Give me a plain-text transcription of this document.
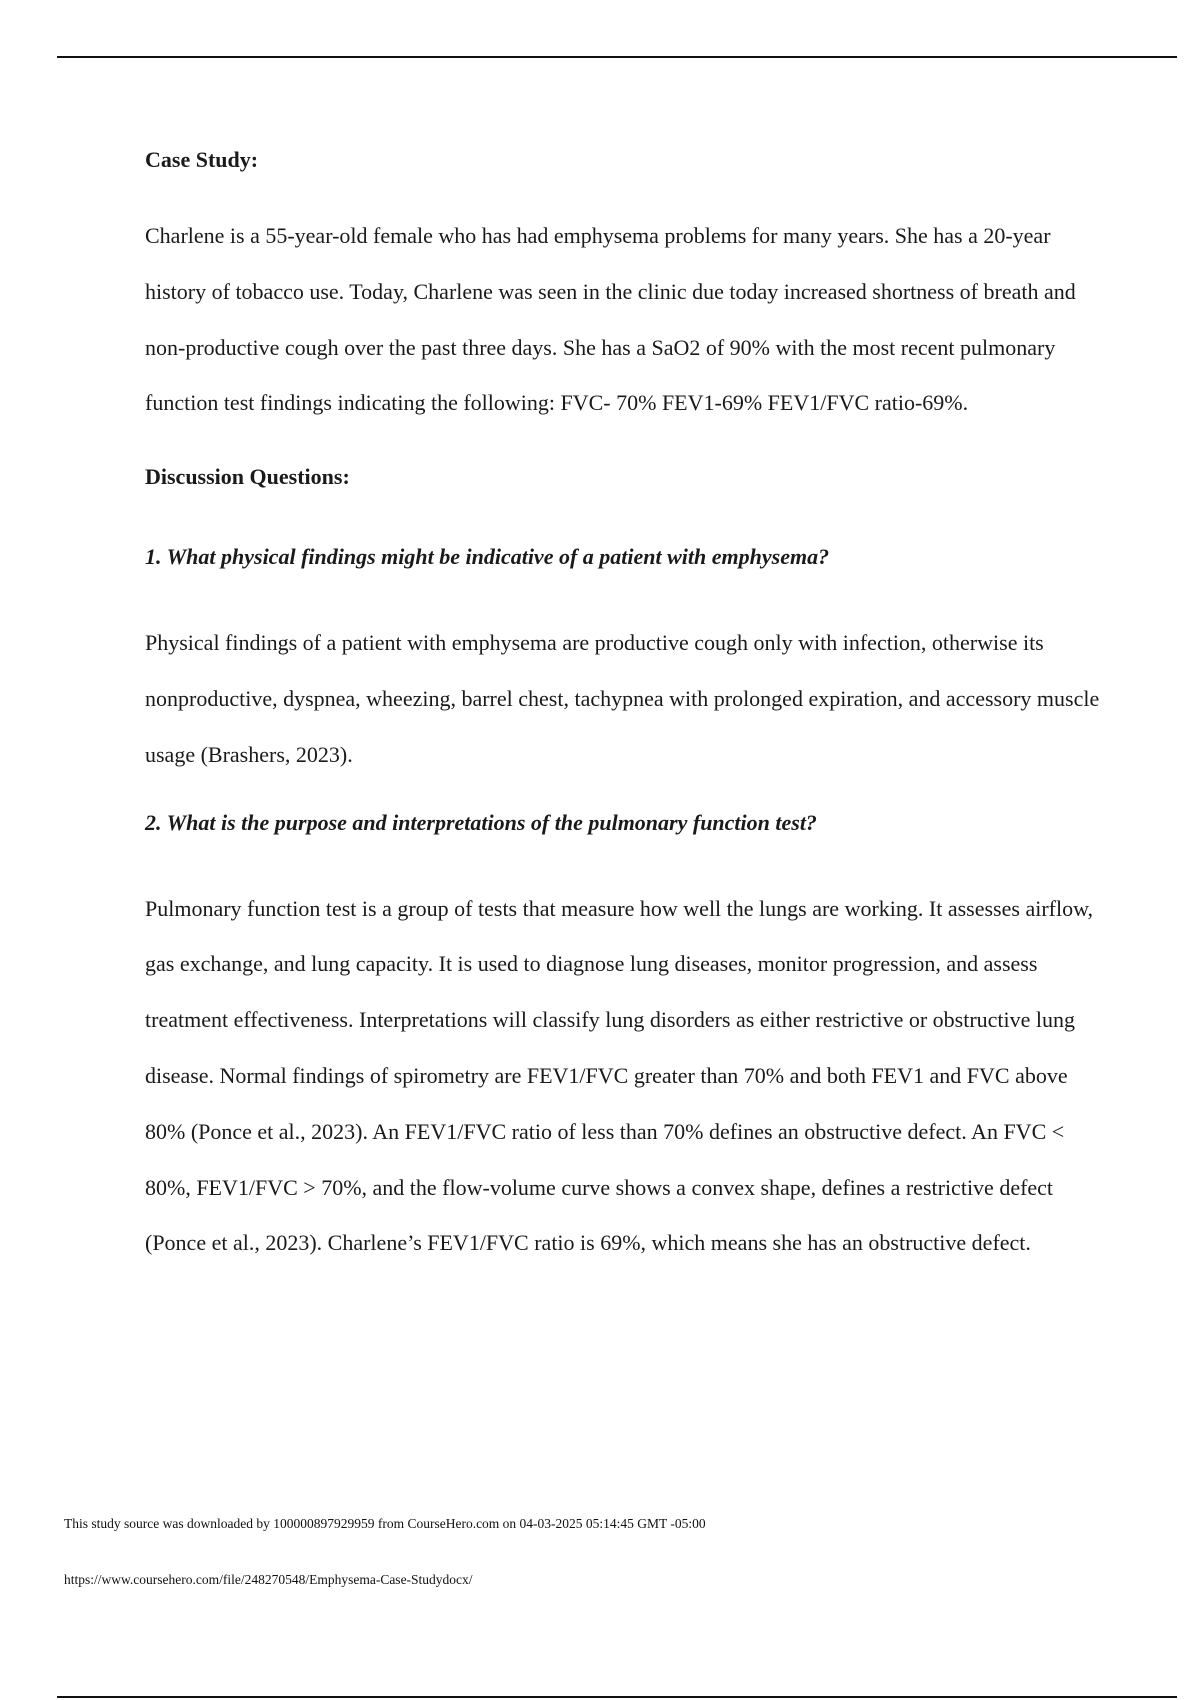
Case Study:

Charlene is a 55-year-old female who has had emphysema problems for many years. She has a 20-year history of tobacco use. Today, Charlene was seen in the clinic due today increased shortness of breath and non-productive cough over the past three days. She has a SaO2 of 90% with the most recent pulmonary function test findings indicating the following: FVC- 70% FEV1-69% FEV1/FVC ratio-69%.

Discussion Questions:

1. What physical findings might be indicative of a patient with emphysema?

Physical findings of a patient with emphysema are productive cough only with infection, otherwise its nonproductive, dyspnea, wheezing, barrel chest, tachypnea with prolonged expiration, and accessory muscle usage (Brashers, 2023).

2. What is the purpose and interpretations of the pulmonary function test?

Pulmonary function test is a group of tests that measure how well the lungs are working. It assesses airflow, gas exchange, and lung capacity. It is used to diagnose lung diseases, monitor progression, and assess treatment effectiveness. Interpretations will classify lung disorders as either restrictive or obstructive lung disease. Normal findings of spirometry are FEV1/FVC greater than 70% and both FEV1 and FVC above 80% (Ponce et al., 2023). An FEV1/FVC ratio of less than 70% defines an obstructive defect. An FVC < 80%, FEV1/FVC > 70%, and the flow-volume curve shows a convex shape, defines a restrictive defect (Ponce et al., 2023). Charlene’s FEV1/FVC ratio is 69%, which means she has an obstructive defect.

This study source was downloaded by 100000897929959 from CourseHero.com on 04-03-2025 05:14:45 GMT -05:00
https://www.coursehero.com/file/248270548/Emphysema-Case-Studydocx/
